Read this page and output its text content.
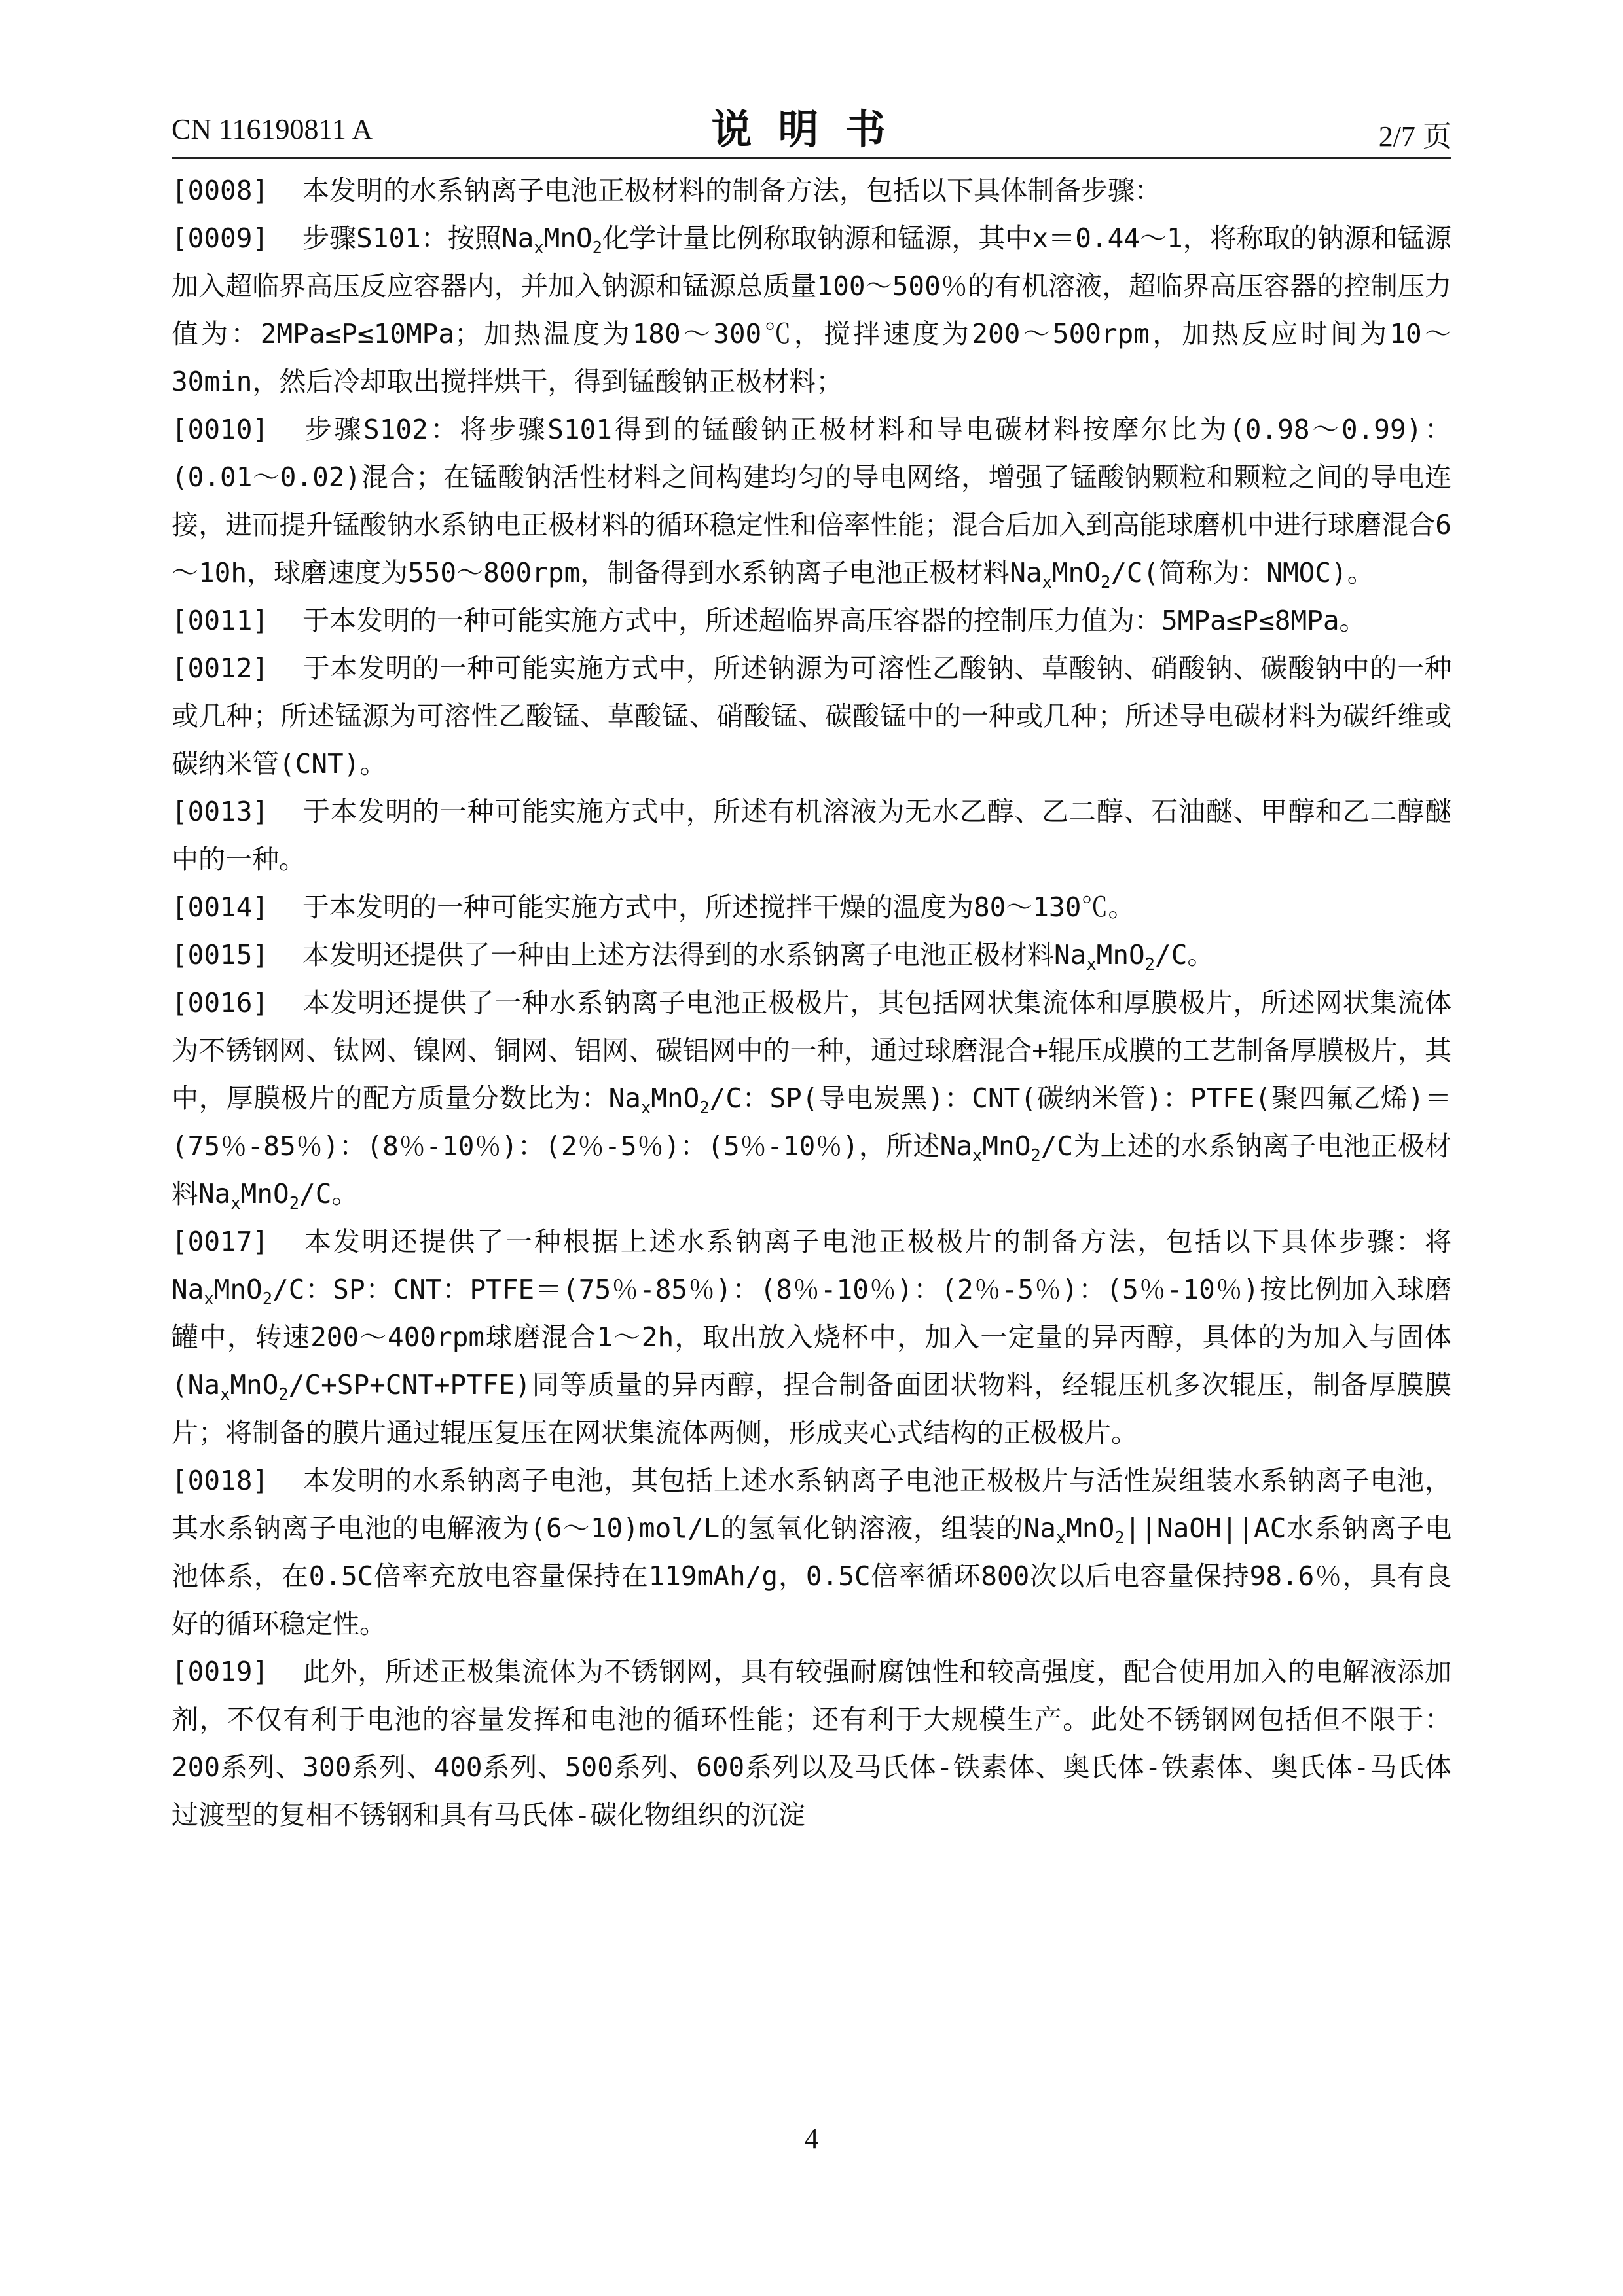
CN 116190811 A	说明书	2/7 页

[0008] 本发明的水系钠离子电池正极材料的制备方法，包括以下具体制备步骤：

[0009] 步骤S101：按照$Na_xMnO_2$化学计量比例称取钠源和锰源，其中x＝0.44～1，将称取的钠源和锰源加入超临界高压反应容器内，并加入钠源和锰源总质量100～500％的有机溶液，超临界高压容器的控制压力值为：2MPa≤P≤10MPa；加热温度为180～300℃，搅拌速度为200～500rpm，加热反应时间为10～30min，然后冷却取出搅拌烘干，得到锰酸钠正极材料；

[0010] 步骤S102：将步骤S101得到的锰酸钠正极材料和导电碳材料按摩尔比为(0.98～0.99)：(0.01～0.02)混合；在锰酸钠活性材料之间构建均匀的导电网络，增强了锰酸钠颗粒和颗粒之间的导电连接，进而提升锰酸钠水系钠电正极材料的循环稳定性和倍率性能；混合后加入到高能球磨机中进行球磨混合6～10h，球磨速度为550～800rpm，制备得到水系钠离子电池正极材料$Na_xMnO_2/C$(简称为：NMOC)。

[0011] 于本发明的一种可能实施方式中，所述超临界高压容器的控制压力值为：5MPa≤P≤8MPa。

[0012] 于本发明的一种可能实施方式中，所述钠源为可溶性乙酸钠、草酸钠、硝酸钠、碳酸钠中的一种或几种；所述锰源为可溶性乙酸锰、草酸锰、硝酸锰、碳酸锰中的一种或几种；所述导电碳材料为碳纤维或碳纳米管(CNT)。

[0013] 于本发明的一种可能实施方式中，所述有机溶液为无水乙醇、乙二醇、石油醚、甲醇和乙二醇醚中的一种。

[0014] 于本发明的一种可能实施方式中，所述搅拌干燥的温度为80～130℃。

[0015] 本发明还提供了一种由上述方法得到的水系钠离子电池正极材料$Na_xMnO_2/C$。

[0016] 本发明还提供了一种水系钠离子电池正极极片，其包括网状集流体和厚膜极片，所述网状集流体为不锈钢网、钛网、镍网、铜网、铝网、碳铝网中的一种，通过球磨混合+辊压成膜的工艺制备厚膜极片，其中，厚膜极片的配方质量分数比为：$Na_xMnO_2/C$：SP(导电炭黑)：CNT(碳纳米管)：PTFE(聚四氟乙烯)＝(75％-85％)：(8％-10％)：(2％-5％)：(5％-10％)，所述$Na_xMnO_2/C$为上述的水系钠离子电池正极材料$Na_xMnO_2/C$。

[0017] 本发明还提供了一种根据上述水系钠离子电池正极极片的制备方法，包括以下具体步骤：将$Na_xMnO_2/C$：SP：CNT：PTFE＝(75％-85％)：(8％-10％)：(2％-5％)：(5％-10％)按比例加入球磨罐中，转速200～400rpm球磨混合1～2h，取出放入烧杯中，加入一定量的异丙醇，具体的为加入与固体$(Na_xMnO_2/C+SP+CNT+PTFE)$同等质量的异丙醇，捏合制备面团状物料，经辊压机多次辊压，制备厚膜膜片；将制备的膜片通过辊压复压在网状集流体两侧，形成夹心式结构的正极极片。

[0018] 本发明的水系钠离子电池，其包括上述水系钠离子电池正极极片与活性炭组装水系钠离子电池，其水系钠离子电池的电解液为(6～10)mol/L的氢氧化钠溶液，组装的$Na_xMnO_2||NaOH||AC$水系钠离子电池体系，在0.5C倍率充放电容量保持在119mAh/g，0.5C倍率循环800次以后电容量保持98.6％，具有良好的循环稳定性。

[0019] 此外，所述正极集流体为不锈钢网，具有较强耐腐蚀性和较高强度，配合使用加入的电解液添加剂，不仅有利于电池的容量发挥和电池的循环性能；还有利于大规模生产。此处不锈钢网包括但不限于：200系列、300系列、400系列、500系列、600系列以及马氏体-铁素体、奥氏体-铁素体、奥氏体-马氏体过渡型的复相不锈钢和具有马氏体-碳化物组织的沉淀

4
